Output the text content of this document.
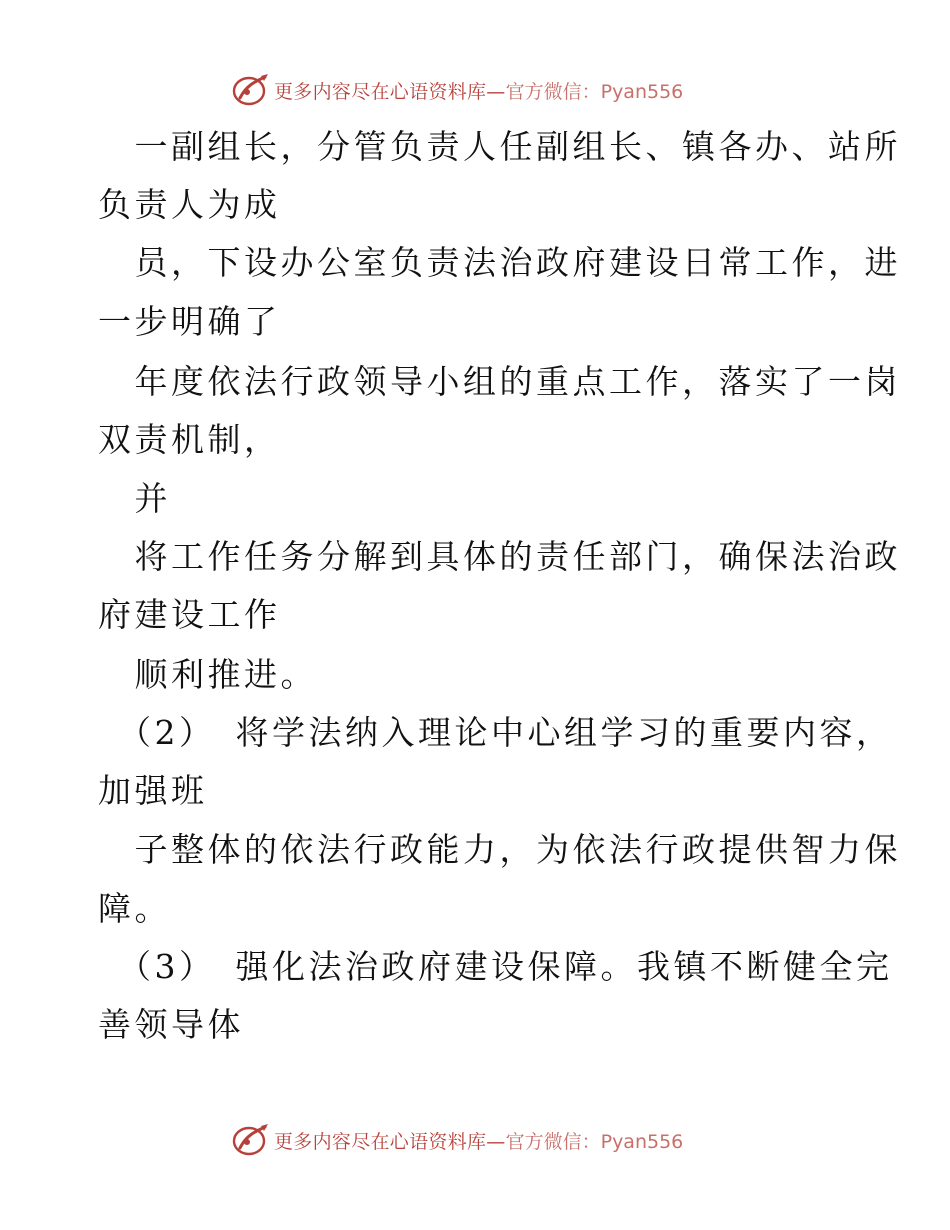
更多内容尽在心语资料库— 官方微信：Pyan556
　一副组长，分管负责人任副组长、镇各办、站所
负责人为成
　员，下设办公室负责法治政府建设日常工作，进
一步明确了
　年度依法行政领导小组的重点工作，落实了一岗
双责机制，
　并
　将工作任务分解到具体的责任部门，确保法治政
府建设工作
　顺利推进。
　（2）　将学法纳入理论中心组学习的重要内容，
加强班
　子整体的依法行政能力，为依法行政提供智力保
障。
　（3）　强化法治政府建设保障。我镇不断健全完
善领导体
更多内容尽在心语资料库— 官方微信：Pyan556
